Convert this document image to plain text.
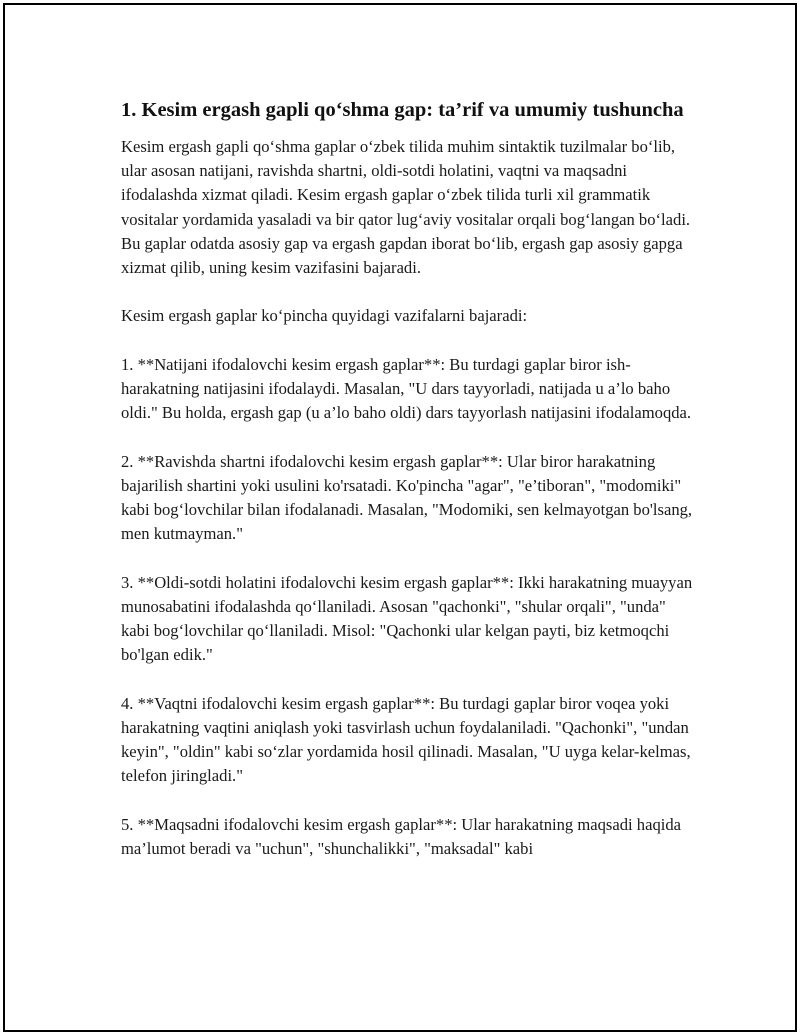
1. Kesim ergash gapli qo‘shma gap: ta’rif va umumiy tushuncha

Kesim ergash gapli qo‘shma gaplar o‘zbek tilida muhim sintaktik tuzilmalar bo‘lib, ular asosan natijani, ravishda shartni, oldi-sotdi holatini, vaqtni va maqsadni ifodalashda xizmat qiladi. Kesim ergash gaplar o‘zbek tilida turli xil grammatik vositalar yordamida yasaladi va bir qator lug‘aviy vositalar orqali bog‘langan bo‘ladi. Bu gaplar odatda asosiy gap va ergash gapdan iborat bo‘lib, ergash gap asosiy gapga xizmat qilib, uning kesim vazifasini bajaradi.

Kesim ergash gaplar ko‘pincha quyidagi vazifalarni bajaradi:

1. **Natijani ifodalovchi kesim ergash gaplar**: Bu turdagi gaplar biror ish-harakatning natijasini ifodalaydi. Masalan, "U dars tayyorladi, natijada u a’lo baho oldi." Bu holda, ergash gap (u a’lo baho oldi) dars tayyorlash natijasini ifodalamoqda.

2. **Ravishda shartni ifodalovchi kesim ergash gaplar**: Ular biror harakatning bajarilish shartini yoki usulini ko'rsatadi. Ko'pincha "agar", "e’tiboran", "modomiki" kabi bog‘lovchilar bilan ifodalanadi. Masalan, "Modomiki, sen kelmayotgan bo'lsang, men kutmayman."

3. **Oldi-sotdi holatini ifodalovchi kesim ergash gaplar**: Ikki harakatning muayyan munosabatini ifodalashda qo‘llaniladi. Asosan "qachonki", "shular orqali", "unda" kabi bog‘lovchilar qo‘llaniladi. Misol: "Qachonki ular kelgan payti, biz ketmoqchi bo'lgan edik."

4. **Vaqtni ifodalovchi kesim ergash gaplar**: Bu turdagi gaplar biror voqea yoki harakatning vaqtini aniqlash yoki tasvirlash uchun foydalaniladi. "Qachonki", "undan keyin", "oldin" kabi so‘zlar yordamida hosil qilinadi. Masalan, "U uyga kelar-kelmas, telefon jiringladi."

5. **Maqsadni ifodalovchi kesim ergash gaplar**: Ular harakatning maqsadi haqida ma’lumot beradi va "uchun", "shunchalikki", "maksadal" kabi
